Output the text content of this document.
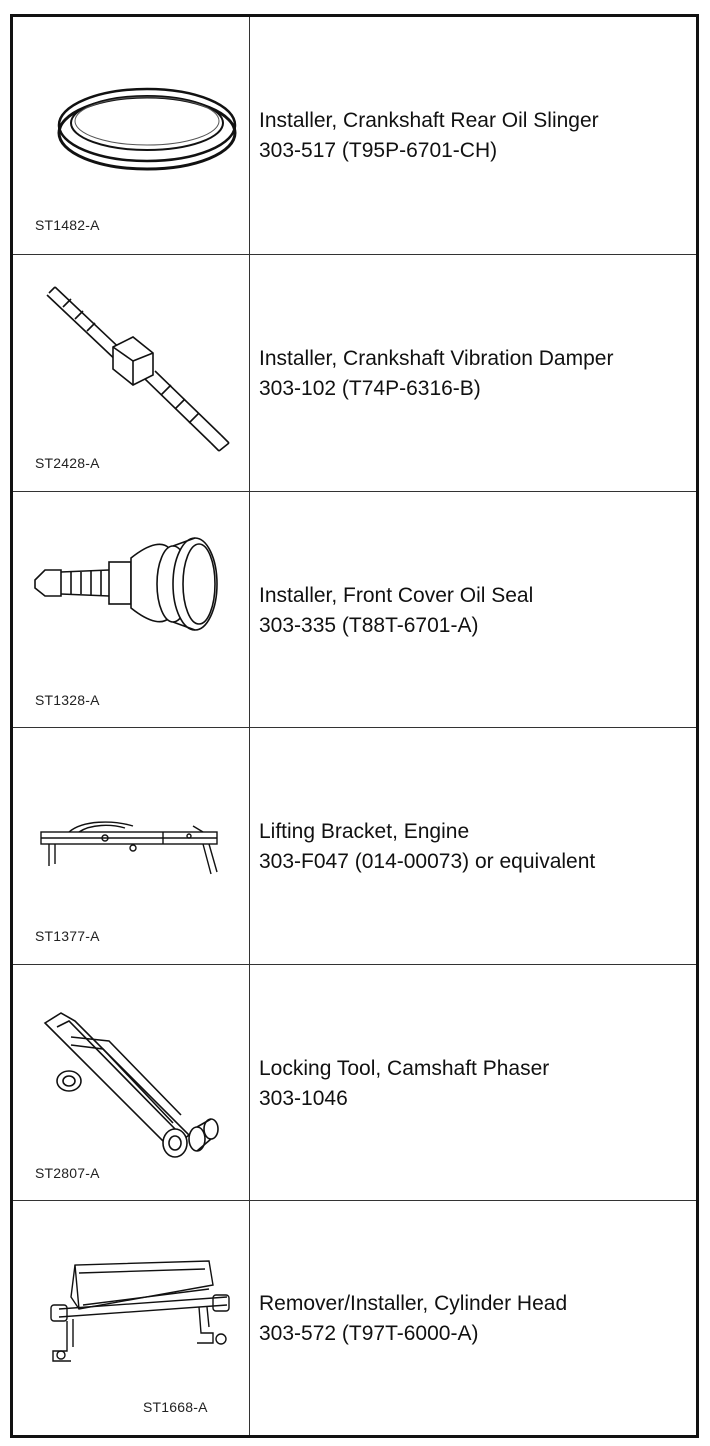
ST1482-A
Installer, Crankshaft Rear Oil Slinger
303-517 (T95P-6701-CH)
ST2428-A
Installer, Crankshaft Vibration Damper
303-102 (T74P-6316-B)
ST1328-A
Installer, Front Cover Oil Seal
303-335 (T88T-6701-A)
ST1377-A
Lifting Bracket, Engine
303-F047 (014-00073) or equivalent
ST2807-A
Locking Tool, Camshaft Phaser
303-1046
ST1668-A
Remover/Installer, Cylinder Head
303-572 (T97T-6000-A)
